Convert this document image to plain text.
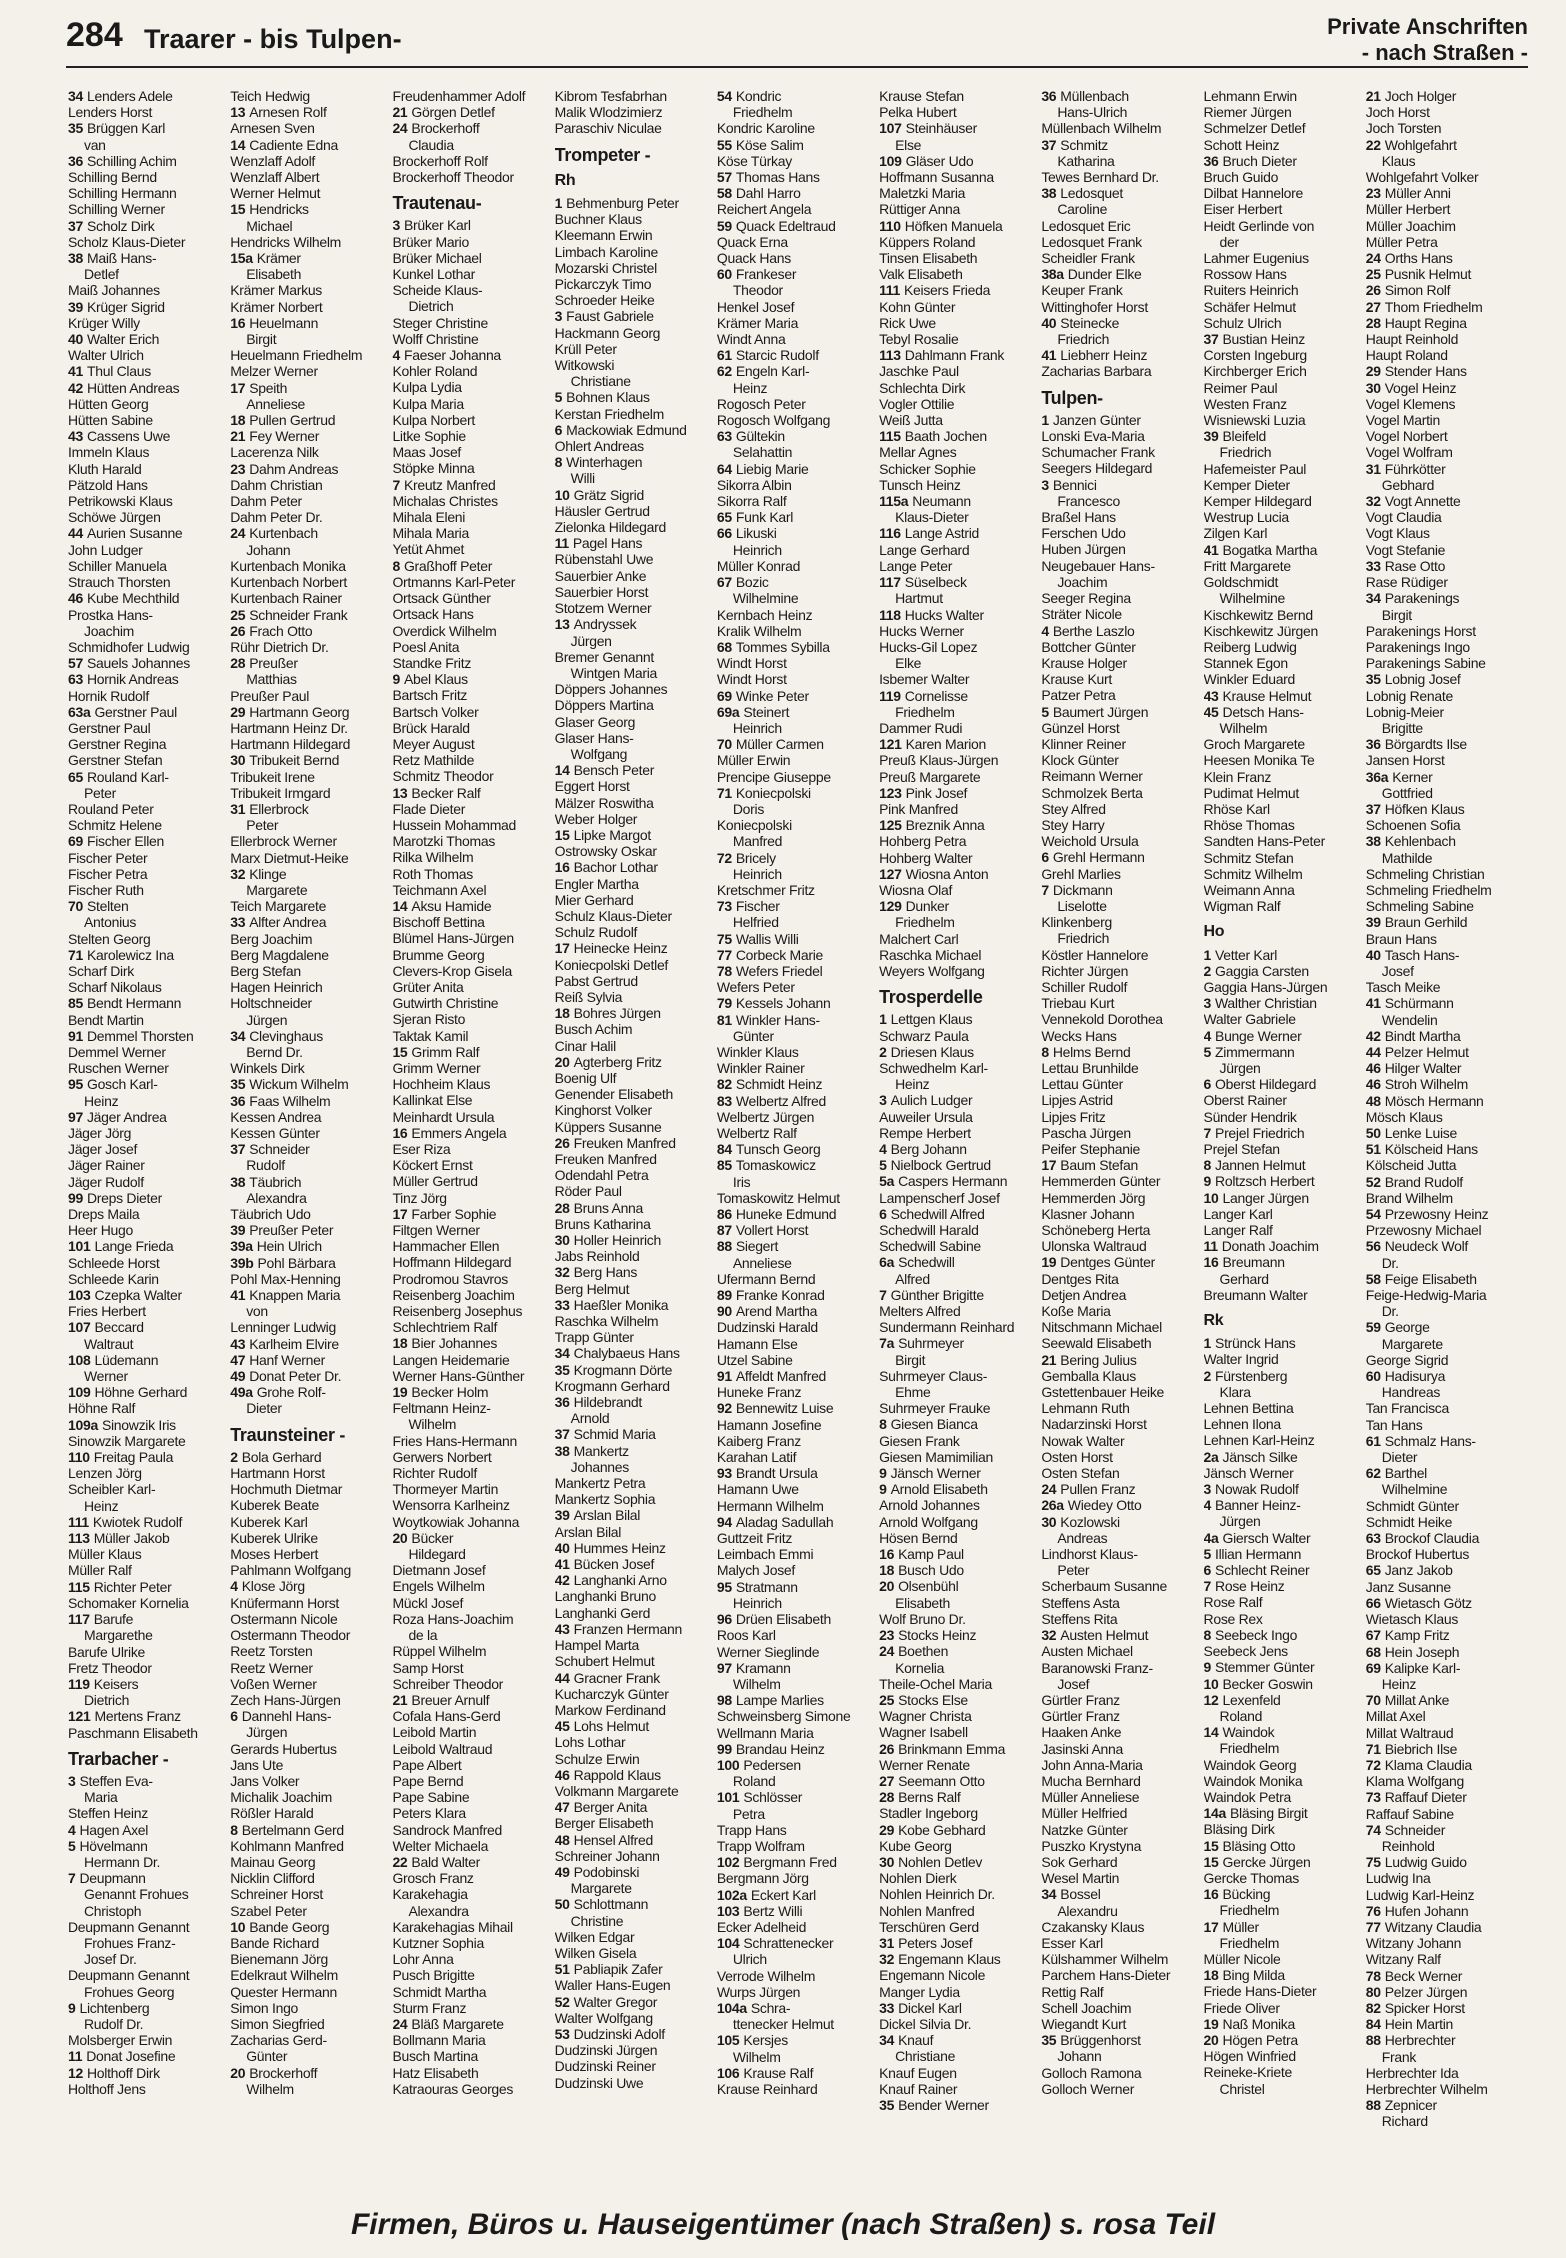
284 Traarer - bis Tulpen-	Private Anschriften
- nach Straßen -
34 Lenders Adele
Lenders Horst
35 Brüggen Karl
van
36 Schilling Achim
Schilling Bernd
Schilling Hermann
Schilling Werner
37 Scholz Dirk
Scholz Klaus-Dieter
38 Maiß Hans-
Detlef
Maiß Johannes
39 Krüger Sigrid
Krüger Willy
40 Walter Erich
Walter Ulrich
41 Thul Claus
42 Hütten Andreas
Hütten Georg
Hütten Sabine
43 Cassens Uwe
Immeln Klaus
Kluth Harald
Pätzold Hans
Petrikowski Klaus
Schöwe Jürgen
44 Aurien Susanne
John Ludger
Schiller Manuela
Strauch Thorsten
46 Kube Mechthild
Prostka Hans-
Joachim
Schmidhofer Ludwig
57 Sauels Johannes
63 Hornik Andreas
Hornik Rudolf
63a Gerstner Paul
Gerstner Paul
Gerstner Regina
Gerstner Stefan
65 Rouland Karl-
Peter
Rouland Peter
Schmitz Helene
69 Fischer Ellen
Fischer Peter
Fischer Petra
Fischer Ruth
70 Stelten
Antonius
Stelten Georg
71 Karolewicz Ina
Scharf Dirk
Scharf Nikolaus
85 Bendt Hermann
Bendt Martin
91 Demmel Thorsten
Demmel Werner
Ruschen Werner
95 Gosch Karl-
Heinz
97 Jäger Andrea
Jäger Jörg
Jäger Josef
Jäger Rainer
Jäger Rudolf
99 Dreps Dieter
Dreps Maila
Heer Hugo
101 Lange Frieda
Schleede Horst
Schleede Karin
103 Czepka Walter
Fries Herbert
107 Beccard
Waltraut
108 Lüdemann
Werner
109 Höhne Gerhard
Höhne Ralf
109a Sinowzik Iris
Sinowzik Margarete
110 Freitag Paula
Lenzen Jörg
Scheibler Karl-
Heinz
111 Kwiotek Rudolf
113 Müller Jakob
Müller Klaus
Müller Ralf
115 Richter Peter
Schomaker Kornelia
117 Barufe
Margarethe
Barufe Ulrike
Fretz Theodor
119 Keisers
Dietrich
121 Mertens Franz
Paschmann Elisabeth
Trarbacher -
3 Steffen Eva-
Maria
Steffen Heinz
4 Hagen Axel
5 Hövelmann
Hermann Dr.
7 Deupmann
Genannt Frohues
Christoph
Deupmann Genannt
Frohues Franz-
Josef Dr.
Deupmann Genannt
Frohues Georg
9 Lichtenberg
Rudolf Dr.
Molsberger Erwin
11 Donat Josefine
12 Holthoff Dirk
Holthoff Jens
Teich Hedwig
13 Arnesen Rolf
Arnesen Sven
14 Cadiente Edna
Wenzlaff Adolf
Wenzlaff Albert
Werner Helmut
15 Hendricks
Michael
Hendricks Wilhelm
15a Krämer
Elisabeth
Krämer Markus
Krämer Norbert
16 Heuelmann
Birgit
Heuelmann Friedhelm
Melzer Werner
17 Speith
Anneliese
18 Pullen Gertrud
21 Fey Werner
Lacerenza Nilk
23 Dahm Andreas
Dahm Christian
Dahm Peter
Dahm Peter Dr.
24 Kurtenbach
Johann
Kurtenbach Monika
Kurtenbach Norbert
Kurtenbach Rainer
25 Schneider Frank
26 Frach Otto
Rühr Dietrich Dr.
28 Preußer
Matthias
Preußer Paul
29 Hartmann Georg
Hartmann Heinz Dr.
Hartmann Hildegard
30 Tribukeit Bernd
Tribukeit Irene
Tribukeit Irmgard
31 Ellerbrock
Peter
Ellerbrock Werner
Marx Dietmut-Heike
32 Klinge
Margarete
Teich Margarete
33 Alfter Andrea
Berg Joachim
Berg Magdalene
Berg Stefan
Hagen Heinrich
Holtschneider
Jürgen
34 Clevinghaus
Bernd Dr.
Winkels Dirk
35 Wickum Wilhelm
36 Faas Wilhelm
Kessen Andrea
Kessen Günter
37 Schneider
Rudolf
38 Täubrich
Alexandra
Täubrich Udo
39 Preußer Peter
39a Hein Ulrich
39b Pohl Bärbara
Pohl Max-Henning
41 Knappen Maria
von
Lenninger Ludwig
43 Karlheim Elvire
47 Hanf Werner
49 Donat Peter Dr.
49a Grohe Rolf-
Dieter
Traunsteiner -
2 Bola Gerhard
Hartmann Horst
Hochmuth Dietmar
Kuberek Beate
Kuberek Karl
Kuberek Ulrike
Moses Herbert
Pahlmann Wolfgang
4 Klose Jörg
Knüfermann Horst
Ostermann Nicole
Ostermann Theodor
Reetz Torsten
Reetz Werner
Voßen Werner
Zech Hans-Jürgen
6 Dannehl Hans-
Jürgen
Gerards Hubertus
Jans Ute
Jans Volker
Michalik Joachim
Rößler Harald
8 Bertelmann Gerd
Kohlmann Manfred
Mainau Georg
Nicklin Clifford
Schreiner Horst
Szabel Peter
10 Bande Georg
Bande Richard
Bienemann Jörg
Edelkraut Wilhelm
Quester Hermann
Simon Ingo
Simon Siegfried
Zacharias Gerd-
Günter
20 Brockerhoff
Wilhelm
Freudenhammer Adolf
21 Görgen Detlef
24 Brockerhoff
Claudia
Brockerhoff Rolf
Brockerhoff Theodor
Trautenau-
3 Brüker Karl
Brüker Mario
Brüker Michael
Kunkel Lothar
Scheide Klaus-
Dietrich
Steger Christine
Wolff Christine
4 Faeser Johanna
Kohler Roland
Kulpa Lydia
Kulpa Maria
Kulpa Norbert
Litke Sophie
Maas Josef
Stöpke Minna
7 Kreutz Manfred
Michalas Christes
Mihala Eleni
Mihala Maria
Yetüt Ahmet
8 Graßhoff Peter
Ortmanns Karl-Peter
Ortsack Günther
Ortsack Hans
Overdick Wilhelm
Poesl Anita
Standke Fritz
9 Abel Klaus
Bartsch Fritz
Bartsch Volker
Brück Harald
Meyer August
Retz Mathilde
Schmitz Theodor
13 Becker Ralf
Flade Dieter
Hussein Mohammad
Marotzki Thomas
Rilka Wilhelm
Roth Thomas
Teichmann Axel
14 Aksu Hamide
Bischoff Bettina
Blümel Hans-Jürgen
Brumme Georg
Clevers-Krop Gisela
Grüter Anita
Gutwirth Christine
Sjeran Risto
Taktak Kamil
15 Grimm Ralf
Grimm Werner
Hochheim Klaus
Kallinkat Else
Meinhardt Ursula
16 Emmers Angela
Eser Riza
Köckert Ernst
Müller Gertrud
Tinz Jörg
17 Farber Sophie
Filtgen Werner
Hammacher Ellen
Hoffmann Hildegard
Prodromou Stavros
Reisenberg Joachim
Reisenberg Josephus
Schlechtriem Ralf
18 Bier Johannes
Langen Heidemarie
Werner Hans-Günther
19 Becker Holm
Feltmann Heinz-
Wilhelm
Fries Hans-Hermann
Gerwers Norbert
Richter Rudolf
Thormeyer Martin
Wensorra Karlheinz
Woytkowiak Johanna
20 Bücker
Hildegard
Dietmann Josef
Engels Wilhelm
Mückl Josef
Roza Hans-Joachim
de la
Rüppel Wilhelm
Samp Horst
Schreiber Theodor
21 Breuer Arnulf
Cofala Hans-Gerd
Leibold Martin
Leibold Waltraud
Pape Albert
Pape Bernd
Pape Sabine
Peters Klara
Sandrock Manfred
Welter Michaela
22 Bald Walter
Grosch Franz
Karakehagia
Alexandra
Karakehagias Mihail
Kutzner Sophia
Lohr Anna
Pusch Brigitte
Schmidt Martha
Sturm Franz
24 Bläß Margarete
Bollmann Maria
Busch Martina
Hatz Elisabeth
Katraouras Georges
Kibrom Tesfabrhan
Malik Wlodzimierz
Paraschiv Niculae
Trompeter -
Rh
1 Behmenburg Peter
Buchner Klaus
Kleemann Erwin
Limbach Karoline
Mozarski Christel
Pickarczyk Timo
Schroeder Heike
3 Faust Gabriele
Hackmann Georg
Krüll Peter
Witkowski
Christiane
5 Bohnen Klaus
Kerstan Friedhelm
6 Mackowiak Edmund
Ohlert Andreas
8 Winterhagen
Willi
10 Grätz Sigrid
Häusler Gertrud
Zielonka Hildegard
11 Pagel Hans
Rübenstahl Uwe
Sauerbier Anke
Sauerbier Horst
Stotzem Werner
13 Andryssek
Jürgen
Bremer Genannt
Wintgen Maria
Döppers Johannes
Döppers Martina
Glaser Georg
Glaser Hans-
Wolfgang
14 Bensch Peter
Eggert Horst
Mälzer Roswitha
Weber Holger
15 Lipke Margot
Ostrowsky Oskar
16 Bachor Lothar
Engler Martha
Mier Gerhard
Schulz Klaus-Dieter
Schulz Rudolf
17 Heinecke Heinz
Koniecpolski Detlef
Pabst Gertrud
Reiß Sylvia
18 Bohres Jürgen
Busch Achim
Cinar Halil
20 Agterberg Fritz
Boenig Ulf
Genender Elisabeth
Kinghorst Volker
Küppers Susanne
26 Freuken Manfred
Freuken Manfred
Odendahl Petra
Röder Paul
28 Bruns Anna
Bruns Katharina
30 Holler Heinrich
Jabs Reinhold
32 Berg Hans
Berg Helmut
33 Haeßler Monika
Raschka Wilhelm
Trapp Günter
34 Chalybaeus Hans
35 Krogmann Dörte
Krogmann Gerhard
36 Hildebrandt
Arnold
37 Schmid Maria
38 Mankertz
Johannes
Mankertz Petra
Mankertz Sophia
39 Arslan Bilal
Arslan Bilal
40 Hummes Heinz
41 Bücken Josef
42 Langhanki Arno
Langhanki Bruno
Langhanki Gerd
43 Franzen Hermann
Hampel Marta
Schubert Helmut
44 Gracner Frank
Kucharczyk Günter
Markow Ferdinand
45 Lohs Helmut
Lohs Lothar
Schulze Erwin
46 Rappold Klaus
Volkmann Margarete
47 Berger Anita
Berger Elisabeth
48 Hensel Alfred
Schreiner Johann
49 Podobinski
Margarete
50 Schlottmann
Christine
Wilken Edgar
Wilken Gisela
51 Pabliapik Zafer
Waller Hans-Eugen
52 Walter Gregor
Walter Wolfgang
53 Dudzinski Adolf
Dudzinski Jürgen
Dudzinski Reiner
Dudzinski Uwe
54 Kondric
Friedhelm
Kondric Karoline
55 Köse Salim
Köse Türkay
57 Thomas Hans
58 Dahl Harro
Reichert Angela
59 Quack Edeltraud
Quack Erna
Quack Hans
60 Frankeser
Theodor
Henkel Josef
Krämer Maria
Windt Anna
61 Starcic Rudolf
62 Engeln Karl-
Heinz
Rogosch Peter
Rogosch Wolfgang
63 Gültekin
Selahattin
64 Liebig Marie
Sikorra Albin
Sikorra Ralf
65 Funk Karl
66 Likuski
Heinrich
Müller Konrad
67 Bozic
Wilhelmine
Kernbach Heinz
Kralik Wilhelm
68 Tommes Sybilla
Windt Horst
Windt Horst
69 Winke Peter
69a Steinert
Heinrich
70 Müller Carmen
Müller Erwin
Prencipe Giuseppe
71 Koniecpolski
Doris
Koniecpolski
Manfred
72 Bricely
Heinrich
Kretschmer Fritz
73 Fischer
Helfried
75 Wallis Willi
77 Corbeck Marie
78 Wefers Friedel
Wefers Peter
79 Kessels Johann
81 Winkler Hans-
Günter
Winkler Klaus
Winkler Rainer
82 Schmidt Heinz
83 Welbertz Alfred
Welbertz Jürgen
Welbertz Ralf
84 Tunsch Georg
85 Tomaskowicz
Iris
Tomaskowitz Helmut
86 Huneke Edmund
87 Vollert Horst
88 Siegert
Anneliese
Ufermann Bernd
89 Franke Konrad
90 Arend Martha
Dudzinski Harald
Hamann Else
Utzel Sabine
91 Affeldt Manfred
Huneke Franz
92 Bennewitz Luise
Hamann Josefine
Kaiberg Franz
Karahan Latif
93 Brandt Ursula
Hamann Uwe
Hermann Wilhelm
94 Aladag Sadullah
Guttzeit Fritz
Leimbach Emmi
Malych Josef
95 Stratmann
Heinrich
96 Drüen Elisabeth
Roos Karl
Werner Sieglinde
97 Kramann
Wilhelm
98 Lampe Marlies
Schweinsberg Simone
Wellmann Maria
99 Brandau Heinz
100 Pedersen
Roland
101 Schlösser
Petra
Trapp Hans
Trapp Wolfram
102 Bergmann Fred
Bergmann Jörg
102a Eckert Karl
103 Bertz Willi
Ecker Adelheid
104 Schrattenecker
Ulrich
Verrode Wilhelm
Wurps Jürgen
104a Schra-
ttenecker Helmut
105 Kersjes
Wilhelm
106 Krause Ralf
Krause Reinhard
Krause Stefan
Pelka Hubert
107 Steinhäuser
Else
109 Gläser Udo
Hoffmann Susanna
Maletzki Maria
Rüttiger Anna
110 Höfken Manuela
Küppers Roland
Tinsen Elisabeth
Valk Elisabeth
111 Keisers Frieda
Kohn Günter
Rick Uwe
Tebyl Rosalie
113 Dahlmann Frank
Jaschke Paul
Schlechta Dirk
Vogler Ottilie
Weiß Jutta
115 Baath Jochen
Mellar Agnes
Schicker Sophie
Tunsch Heinz
115a Neumann
Klaus-Dieter
116 Lange Astrid
Lange Gerhard
Lange Peter
117 Süselbeck
Hartmut
118 Hucks Walter
Hucks Werner
Hucks-Gil Lopez
Elke
Isbemer Walter
119 Cornelisse
Friedhelm
Dammer Rudi
121 Karen Marion
Preuß Klaus-Jürgen
Preuß Margarete
123 Pink Josef
Pink Manfred
125 Breznik Anna
Hohberg Petra
Hohberg Walter
127 Wiosna Anton
Wiosna Olaf
129 Dunker
Friedhelm
Malchert Carl
Raschka Michael
Weyers Wolfgang
Trosperdelle
1 Lettgen Klaus
Schwarz Paula
2 Driesen Klaus
Schwedhelm Karl-
Heinz
3 Aulich Ludger
Auweiler Ursula
Rempe Herbert
4 Berg Johann
5 Nielbock Gertrud
5a Caspers Hermann
Lampenscherf Josef
6 Schedwill Alfred
Schedwill Harald
Schedwill Sabine
6a Schedwill
Alfred
7 Günther Brigitte
Melters Alfred
Sundermann Reinhard
7a Suhrmeyer
Birgit
Suhrmeyer Claus-
Ehme
Suhrmeyer Frauke
8 Giesen Bianca
Giesen Frank
Giesen Mamimilian
9 Jänsch Werner
9 Arnold Elisabeth
Arnold Johannes
Arnold Wolfgang
Hösen Bernd
16 Kamp Paul
18 Busch Udo
20 Olsenbühl
Elisabeth
Wolf Bruno Dr.
23 Stocks Heinz
24 Boethen
Kornelia
Theile-Ochel Maria
25 Stocks Else
Wagner Christa
Wagner Isabell
26 Brinkmann Emma
Werner Renate
27 Seemann Otto
28 Berns Ralf
Stadler Ingeborg
29 Kobe Gebhard
Kube Georg
30 Nohlen Detlev
Nohlen Dierk
Nohlen Heinrich Dr.
Nohlen Manfred
Terschüren Gerd
31 Peters Josef
32 Engemann Klaus
Engemann Nicole
Manger Lydia
33 Dickel Karl
Dickel Silvia Dr.
34 Knauf
Christiane
Knauf Eugen
Knauf Rainer
35 Bender Werner
36 Müllenbach
Hans-Ulrich
Müllenbach Wilhelm
37 Schmitz
Katharina
Tewes Bernhard Dr.
38 Ledosquet
Caroline
Ledosquet Eric
Ledosquet Frank
Scheidler Frank
38a Dunder Elke
Keuper Frank
Wittinghofer Horst
40 Steinecke
Friedrich
41 Liebherr Heinz
Zacharias Barbara
Tulpen-
1 Janzen Günter
Lonski Eva-Maria
Schumacher Frank
Seegers Hildegard
3 Bennici
Francesco
Braßel Hans
Ferschen Udo
Huben Jürgen
Neugebauer Hans-
Joachim
Seeger Regina
Sträter Nicole
4 Berthe Laszlo
Bottcher Günter
Krause Holger
Krause Kurt
Patzer Petra
5 Baumert Jürgen
Günzel Horst
Klinner Reiner
Klock Günter
Reimann Werner
Schmolzek Berta
Stey Alfred
Stey Harry
Weichold Ursula
6 Grehl Hermann
Grehl Marlies
7 Dickmann
Liselotte
Klinkenberg
Friedrich
Köstler Hannelore
Richter Jürgen
Schiller Rudolf
Triebau Kurt
Vennekold Dorothea
Wecks Hans
8 Helms Bernd
Lettau Brunhilde
Lettau Günter
Lipjes Astrid
Lipjes Fritz
Pascha Jürgen
Peifer Stephanie
17 Baum Stefan
Hemmerden Günter
Hemmerden Jörg
Klasner Johann
Schöneberg Herta
Ulonska Waltraud
19 Dentges Günter
Dentges Rita
Detjen Andrea
Koße Maria
Nitschmann Michael
Seewald Elisabeth
21 Bering Julius
Gemballa Klaus
Gstettenbauer Heike
Lehmann Ruth
Nadarzinski Horst
Nowak Walter
Osten Horst
Osten Stefan
24 Pullen Franz
26a Wiedey Otto
30 Kozlowski
Andreas
Lindhorst Klaus-
Peter
Scherbaum Susanne
Steffens Asta
Steffens Rita
32 Austen Helmut
Austen Michael
Baranowski Franz-
Josef
Gürtler Franz
Gürtler Franz
Haaken Anke
Jasinski Anna
John Anna-Maria
Mucha Bernhard
Müller Anneliese
Müller Helfried
Natzke Günter
Puszko Krystyna
Sok Gerhard
Wesel Martin
34 Bossel
Alexandru
Czakansky Klaus
Esser Karl
Külshammer Wilhelm
Parchem Hans-Dieter
Rettig Ralf
Schell Joachim
Wiegandt Kurt
35 Brüggenhorst
Johann
Golloch Ramona
Golloch Werner
Lehmann Erwin
Riemer Jürgen
Schmelzer Detlef
Schott Heinz
36 Bruch Dieter
Bruch Guido
Dilbat Hannelore
Eiser Herbert
Heidt Gerlinde von
der
Lahmer Eugenius
Rossow Hans
Ruiters Heinrich
Schäfer Helmut
Schulz Ulrich
37 Bustian Heinz
Corsten Ingeburg
Kirchberger Erich
Reimer Paul
Westen Franz
Wisniewski Luzia
39 Bleifeld
Friedrich
Hafemeister Paul
Kemper Dieter
Kemper Hildegard
Westrup Lucia
Zilgen Karl
41 Bogatka Martha
Fritt Margarete
Goldschmidt
Wilhelmine
Kischkewitz Bernd
Kischkewitz Jürgen
Reiberg Ludwig
Stannek Egon
Winkler Eduard
43 Krause Helmut
45 Detsch Hans-
Wilhelm
Groch Margarete
Heesen Monika Te
Klein Franz
Pudimat Helmut
Rhöse Karl
Rhöse Thomas
Sandten Hans-Peter
Schmitz Stefan
Schmitz Wilhelm
Weimann Anna
Wigman Ralf
Ho
1 Vetter Karl
2 Gaggia Carsten
Gaggia Hans-Jürgen
3 Walther Christian
Walter Gabriele
4 Bunge Werner
5 Zimmermann
Jürgen
6 Oberst Hildegard
Oberst Rainer
Sünder Hendrik
7 Prejel Friedrich
Prejel Stefan
8 Jannen Helmut
9 Roltzsch Herbert
10 Langer Jürgen
Langer Karl
Langer Ralf
11 Donath Joachim
16 Breumann
Gerhard
Breumann Walter
Rk
1 Strünck Hans
Walter Ingrid
2 Fürstenberg
Klara
Lehnen Bettina
Lehnen Ilona
Lehnen Karl-Heinz
2a Jänsch Silke
Jänsch Werner
3 Nowak Rudolf
4 Banner Heinz-
Jürgen
4a Giersch Walter
5 Illian Hermann
6 Schlecht Reiner
7 Rose Heinz
Rose Ralf
Rose Rex
8 Seebeck Ingo
Seebeck Jens
9 Stemmer Günter
10 Becker Goswin
12 Lexenfeld
Roland
14 Waindok
Friedhelm
Waindok Georg
Waindok Monika
Waindok Petra
14a Bläsing Birgit
Bläsing Dirk
15 Bläsing Otto
15 Gercke Jürgen
Gercke Thomas
16 Bücking
Friedhelm
17 Müller
Friedhelm
Müller Nicole
18 Bing Milda
Friede Hans-Dieter
Friede Oliver
19 Naß Monika
20 Högen Petra
Högen Winfried
Reineke-Kriete
Christel
21 Joch Holger
Joch Horst
Joch Torsten
22 Wohlgefahrt
Klaus
Wohlgefahrt Volker
23 Müller Anni
Müller Herbert
Müller Joachim
Müller Petra
24 Orths Hans
25 Pusnik Helmut
26 Simon Rolf
27 Thom Friedhelm
28 Haupt Regina
Haupt Reinhold
Haupt Roland
29 Stender Hans
30 Vogel Heinz
Vogel Klemens
Vogel Martin
Vogel Norbert
Vogel Wolfram
31 Führkötter
Gebhard
32 Vogt Annette
Vogt Claudia
Vogt Klaus
Vogt Stefanie
33 Rase Otto
Rase Rüdiger
34 Parakenings
Birgit
Parakenings Horst
Parakenings Ingo
Parakenings Sabine
35 Lobnig Josef
Lobnig Renate
Lobnig-Meier
Brigitte
36 Börgardts Ilse
Jansen Horst
36a Kerner
Gottfried
37 Höfken Klaus
Schoenen Sofia
38 Kehlenbach
Mathilde
Schmeling Christian
Schmeling Friedhelm
Schmeling Sabine
39 Braun Gerhild
Braun Hans
40 Tasch Hans-
Josef
Tasch Meike
41 Schürmann
Wendelin
42 Bindt Martha
44 Pelzer Helmut
46 Hilger Walter
46 Stroh Wilhelm
48 Mösch Hermann
Mösch Klaus
50 Lenke Luise
51 Kölscheid Hans
Kölscheid Jutta
52 Brand Rudolf
Brand Wilhelm
54 Przewosny Heinz
Przewosny Michael
56 Neudeck Wolf
Dr.
58 Feige Elisabeth
Feige-Hedwig-Maria
Dr.
59 George
Margarete
George Sigrid
60 Hadisurya
Handreas
Tan Francisca
Tan Hans
61 Schmalz Hans-
Dieter
62 Barthel
Wilhelmine
Schmidt Günter
Schmidt Heike
63 Brockof Claudia
Brockof Hubertus
65 Janz Jakob
Janz Susanne
66 Wietasch Götz
Wietasch Klaus
67 Kamp Fritz
68 Hein Joseph
69 Kalipke Karl-
Heinz
70 Millat Anke
Millat Axel
Millat Waltraud
71 Biebrich Ilse
72 Klama Claudia
Klama Wolfgang
73 Raffauf Dieter
Raffauf Sabine
74 Schneider
Reinhold
75 Ludwig Guido
Ludwig Ina
Ludwig Karl-Heinz
76 Hufen Johann
77 Witzany Claudia
Witzany Johann
Witzany Ralf
78 Beck Werner
80 Pelzer Jürgen
82 Spicker Horst
84 Hein Martin
88 Herbrechter
Frank
Herbrechter Ida
Herbrechter Wilhelm
88 Zepnicer
Richard
Firmen, Büros u. Hauseigentümer (nach Straßen) s. rosa Teil
